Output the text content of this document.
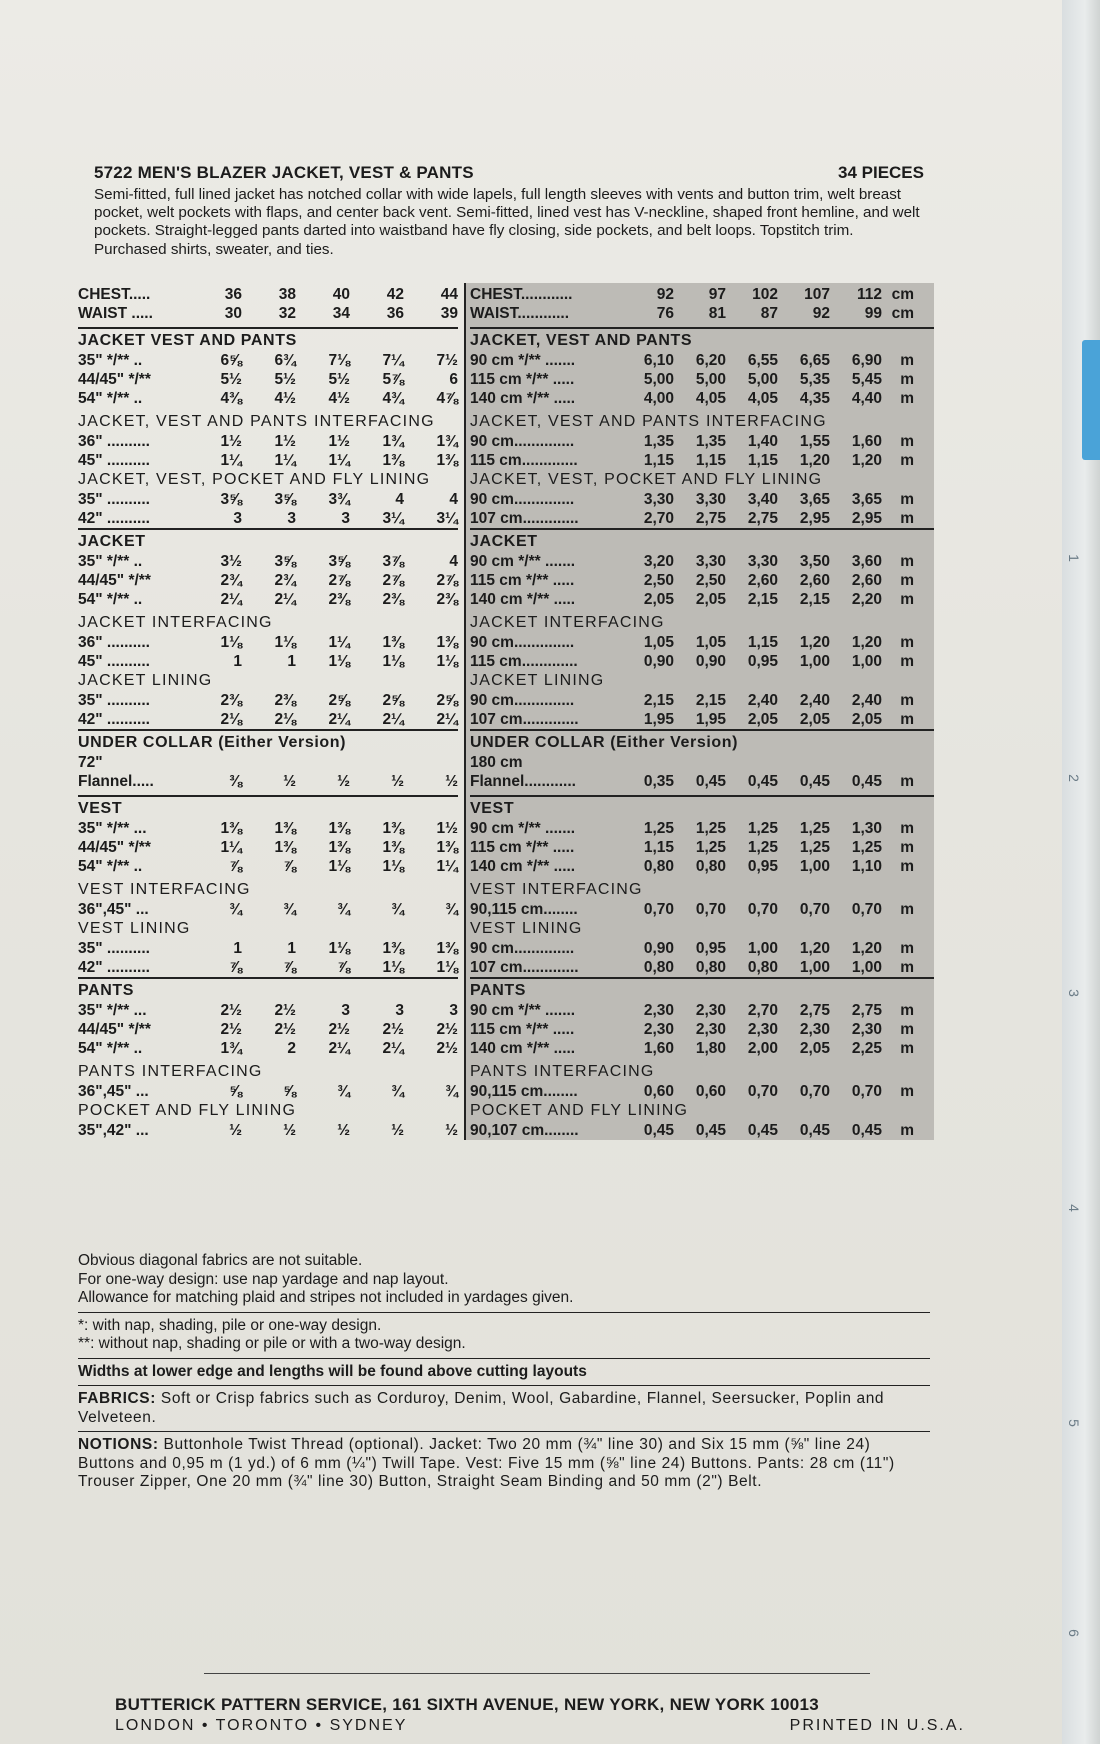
1
2
3
4
5
6
5722 MEN'S BLAZER JACKET, VEST & PANTS	34 PIECES
Semi-fitted, full lined jacket has notched collar with wide lapels, full length sleeves with vents and button trim, welt breast pocket, welt pockets with flaps, and center back vent. Semi-fitted, lined vest has V-neckline, shaped front hemline, and welt pockets. Straight-legged pants darted into waistband have fly closing, side pockets, and belt loops. Topstitch trim. Purchased shirts, sweater, and ties.
CHEST.....	36	38	40	42	44
WAIST .....	30	32	34	36	39
JACKET VEST AND PANTS
35" */** ..	6⅝	6¾	7⅛	7¼	7½
44/45" */**	5½	5½	5½	5⅞	6
54" */** ..	4⅜	4½	4½	4¾	4⅞
JACKET, VEST AND PANTS INTERFACING
36" ..........	1½	1½	1½	1¾	1¾
45" ..........	1¼	1¼	1¼	1⅜	1⅜
JACKET, VEST, POCKET AND FLY LINING
35" ..........	3⅝	3⅝	3¾	4	4
42" ..........	3	3	3	3¼	3¼
JACKET
35" */** ..	3½	3⅝	3⅝	3⅞	4
44/45" */**	2¾	2¾	2⅞	2⅞	2⅞
54" */** ..	2¼	2¼	2⅜	2⅜	2⅜
JACKET INTERFACING
36" ..........	1⅛	1⅛	1¼	1⅜	1⅜
45" ..........	1	1	1⅛	1⅛	1⅛
JACKET LINING
35" ..........	2⅜	2⅜	2⅝	2⅝	2⅝
42" ..........	2⅛	2⅛	2¼	2¼	2¼
UNDER COLLAR (Either Version)
72"
Flannel.....	⅜	½	½	½	½
VEST
35" */** ...	1⅜	1⅜	1⅜	1⅜	1½
44/45" */**	1¼	1⅜	1⅜	1⅜	1⅜
54" */** ..	⅞	⅞	1⅛	1⅛	1¼
VEST INTERFACING
36",45" ...	¾	¾	¾	¾	¾
VEST LINING
35" ..........	1	1	1⅛	1⅜	1⅜
42" ..........	⅞	⅞	⅞	1⅛	1⅛
PANTS
35" */** ...	2½	2½	3	3	3
44/45" */**	2½	2½	2½	2½	2½
54" */** ..	1¾	2	2¼	2¼	2½
PANTS INTERFACING
36",45" ...	⅝	⅝	¾	¾	¾
POCKET AND FLY LINING
35",42" ...	½	½	½	½	½
CHEST............	92	97	102	107	112 cm
WAIST............	76	81	87	92	99 cm
JACKET, VEST AND PANTS
90 cm */** .......	6,10	6,20	6,55	6,65	6,90	m
115 cm */** .....	5,00	5,00	5,00	5,35	5,45	m
140 cm */** .....	4,00	4,05	4,05	4,35	4,40	m
JACKET, VEST AND PANTS INTERFACING
90 cm..............	1,35	1,35	1,40	1,55	1,60	m
115 cm.............	1,15	1,15	1,15	1,20	1,20	m
JACKET, VEST, POCKET AND FLY LINING
90 cm..............	3,30	3,30	3,40	3,65	3,65	m
107 cm.............	2,70	2,75	2,75	2,95	2,95	m
JACKET
90 cm */** .......	3,20	3,30	3,30	3,50	3,60	m
115 cm */** .....	2,50	2,50	2,60	2,60	2,60	m
140 cm */** .....	2,05	2,05	2,15	2,15	2,20	m
JACKET INTERFACING
90 cm..............	1,05	1,05	1,15	1,20	1,20	m
115 cm.............	0,90	0,90	0,95	1,00	1,00	m
JACKET LINING
90 cm..............	2,15	2,15	2,40	2,40	2,40	m
107 cm.............	1,95	1,95	2,05	2,05	2,05	m
UNDER COLLAR (Either Version)
180 cm
Flannel............	0,35	0,45	0,45	0,45	0,45	m
VEST
90 cm */** .......	1,25	1,25	1,25	1,25	1,30	m
115 cm */** .....	1,15	1,25	1,25	1,25	1,25	m
140 cm */** .....	0,80	0,80	0,95	1,00	1,10	m
VEST INTERFACING
90,115 cm........	0,70	0,70	0,70	0,70	0,70	m
VEST LINING
90 cm..............	0,90	0,95	1,00	1,20	1,20	m
107 cm.............	0,80	0,80	0,80	1,00	1,00	m
PANTS
90 cm */** .......	2,30	2,30	2,70	2,75	2,75	m
115 cm */** .....	2,30	2,30	2,30	2,30	2,30	m
140 cm */** .....	1,60	1,80	2,00	2,05	2,25	m
PANTS INTERFACING
90,115 cm........	0,60	0,60	0,70	0,70	0,70	m
POCKET AND FLY LINING
90,107 cm........	0,45	0,45	0,45	0,45	0,45	m
Obvious diagonal fabrics are not suitable.
For one-way design: use nap yardage and nap layout.
Allowance for matching plaid and stripes not included in yardages given.
*: with nap, shading, pile or one-way design.
**: without nap, shading or pile or with a two-way design.
Widths at lower edge and lengths will be found above cutting layouts
FABRICS: Soft or Crisp fabrics such as Corduroy, Denim, Wool, Gabardine, Flannel, Seersucker, Poplin and Velveteen.
NOTIONS: Buttonhole Twist Thread (optional). Jacket: Two 20 mm (¾" line 30) and Six 15 mm (⅝" line 24) Buttons and 0,95 m (1 yd.) of 6 mm (¼") Twill Tape. Vest: Five 15 mm (⅝" line 24) Buttons. Pants: 28 cm (11") Trouser Zipper, One 20 mm (¾" line 30) Button, Straight Seam Binding and 50 mm (2") Belt.
BUTTERICK PATTERN SERVICE, 161 SIXTH AVENUE, NEW YORK, NEW YORK 10013
LONDON • TORONTO • SYDNEY	PRINTED IN U.S.A.
